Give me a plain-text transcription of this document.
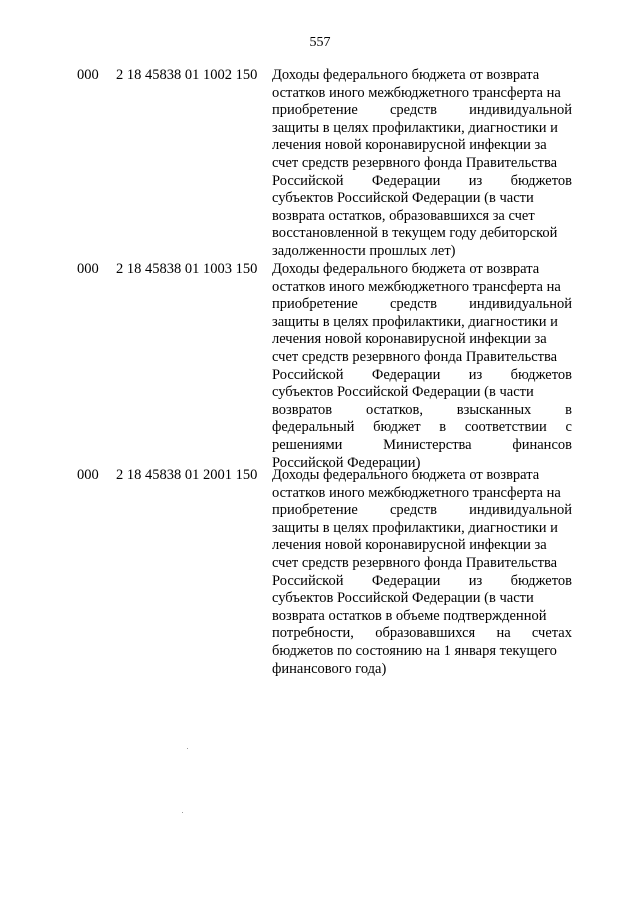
557
000 2 18 45838 01 1002 150 Доходы федерального бюджета от возврата
остатков иного межбюджетного трансферта на
приобретение средств индивидуальной
защиты в целях профилактики, диагностики и
лечения новой коронавирусной инфекции за
счет средств резервного фонда Правительства
Российской Федерации из бюджетов
субъектов Российской Федерации (в части
возврата остатков, образовавшихся за счет
восстановленной в текущем году дебиторской
задолженности прошлых лет)
000 2 18 45838 01 1003 150 Доходы федерального бюджета от возврата
остатков иного межбюджетного трансферта на
приобретение средств индивидуальной
защиты в целях профилактики, диагностики и
лечения новой коронавирусной инфекции за
счет средств резервного фонда Правительства
Российской Федерации из бюджетов
субъектов Российской Федерации (в части
возвратов остатков, взысканных в
федеральный бюджет в соответствии с
решениями	Министерства	финансов
Российской Федерации)
000 2 18 45838 01 2001 150 Доходы федерального бюджета от возврата
остатков иного межбюджетного трансферта на
приобретение средств индивидуальной
защиты в целях профилактики, диагностики и
лечения новой коронавирусной инфекции за
счет средств резервного фонда Правительства
Российской Федерации из бюджетов
субъектов Российской Федерации (в части
возврата остатков в объеме подтвержденной
потребности, образовавшихся на счетах
бюджетов по состоянию на 1 января текущего
финансового года)
